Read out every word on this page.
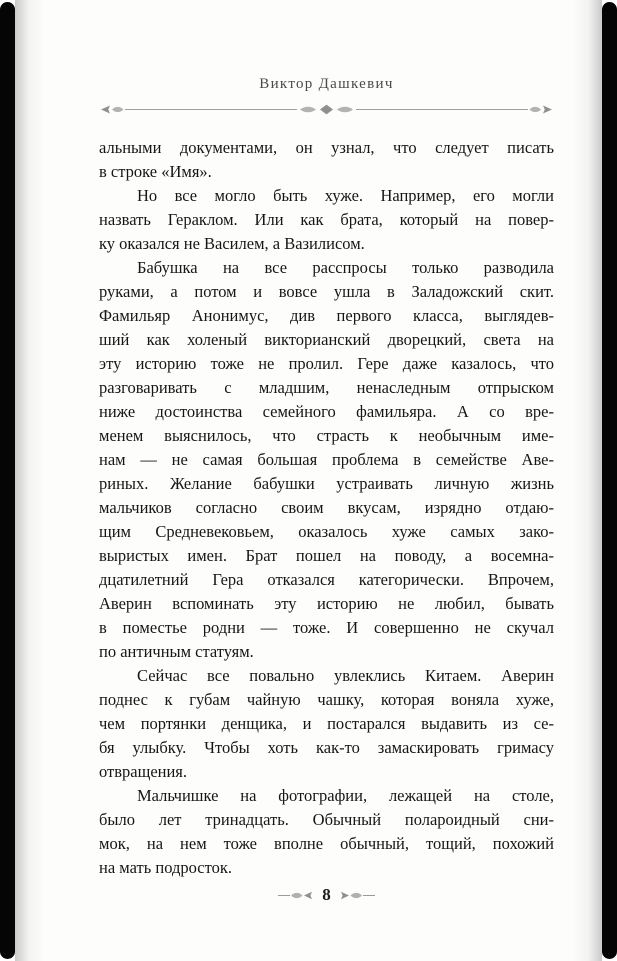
Виктор Дашкевич

альными документами, он узнал, что следует писать
в строке «Имя».

Но все могло быть хуже. Например, его могли
назвать Гераклом. Или как брата, который на повер-
ку оказался не Василем, а Вазилисом.

Бабушка на все расспросы только разводила
руками, а потом и вовсе ушла в Заладожский скит.
Фамильяр Анонимус, див первого класса, выглядев-
ший как холеный викторианский дворецкий, света на
эту историю тоже не пролил. Гере даже казалось, что
разговаривать с младшим, ненаследным отпрыском
ниже достоинства семейного фамильяра. А со вре-
менем выяснилось, что страсть к необычным име-
нам — не самая большая проблема в семействе Аве-
риных. Желание бабушки устраивать личную жизнь
мальчиков согласно своим вкусам, изрядно отдаю-
щим Средневековьем, оказалось хуже самых зако-
выристых имен. Брат пошел на поводу, а восемна-
дцатилетний Гера отказался категорически. Впрочем,
Аверин вспоминать эту историю не любил, бывать
в поместье родни — тоже. И совершенно не скучал
по античным статуям.

Сейчас все повально увлеклись Китаем. Аверин
поднес к губам чайную чашку, которая воняла хуже,
чем портянки денщика, и постарался выдавить из се-
бя улыбку. Чтобы хоть как-то замаскировать гримасу
отвращения.

Мальчишке на фотографии, лежащей на столе,
было лет тринадцать. Обычный полароидный сни-
мок, на нем тоже вполне обычный, тощий, похожий
на мать подросток.

8
